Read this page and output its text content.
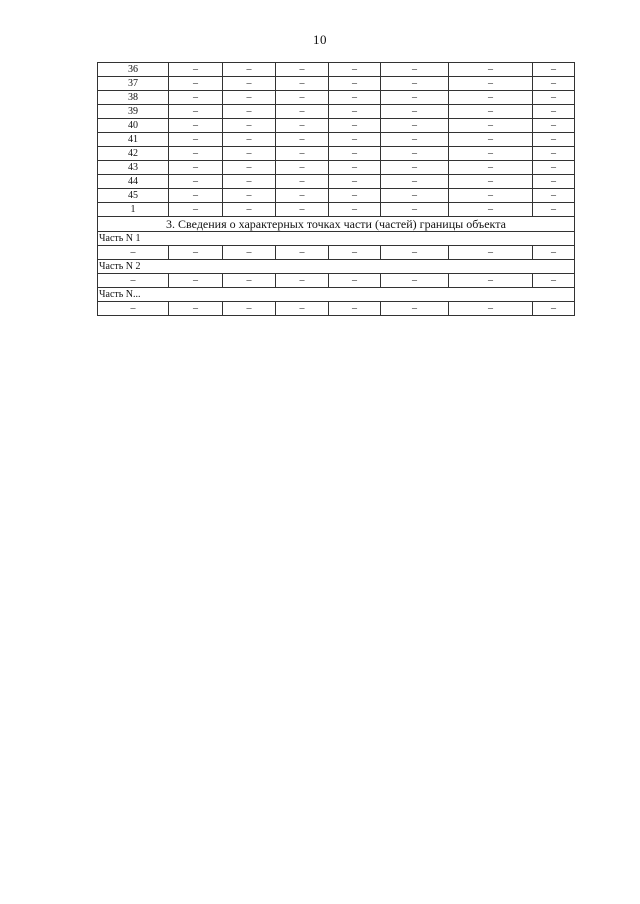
10
36	–	–	–	–	–	–	–
37	–	–	–	–	–	–	–
38	–	–	–	–	–	–	–
39	–	–	–	–	–	–	–
40	–	–	–	–	–	–	–
41	–	–	–	–	–	–	–
42	–	–	–	–	–	–	–
43	–	–	–	–	–	–	–
44	–	–	–	–	–	–	–
45	–	–	–	–	–	–	–
1	–	–	–	–	–	–	–
3. Сведения о характерных точках части (частей) границы объекта							
Часть N 1							
–	–	–	–	–	–	–	–
Часть N 2							
–	–	–	–	–	–	–	–
Часть N...							
–	–	–	–	–	–	–	–
